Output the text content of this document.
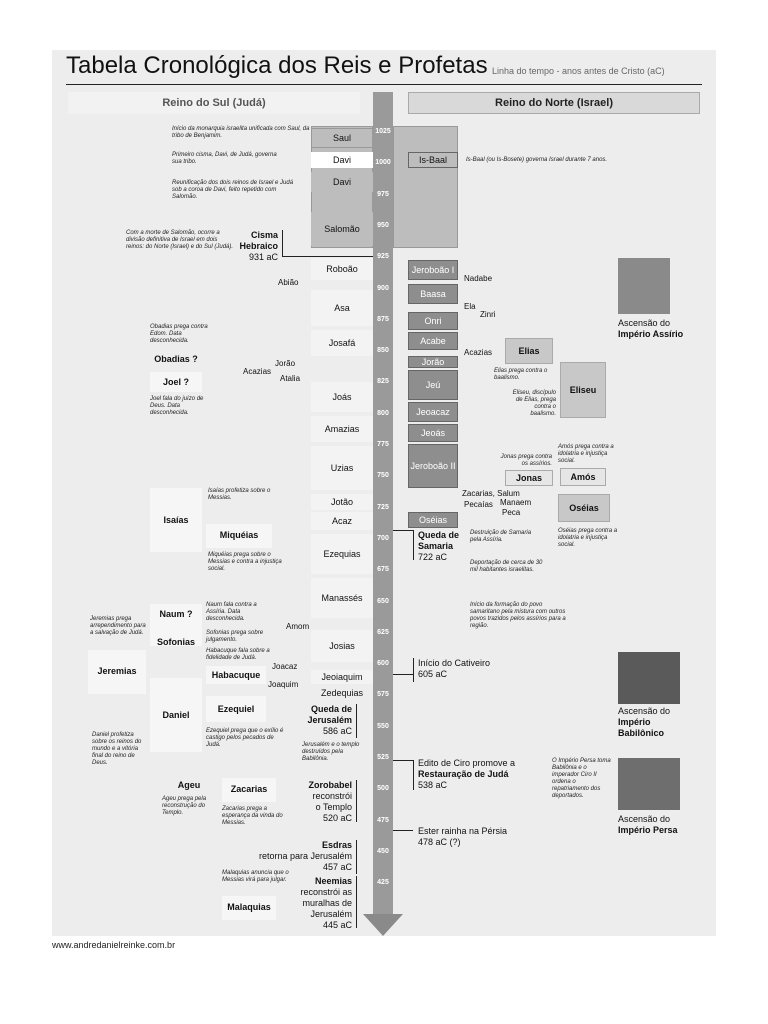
Tabela Cronológica dos Reis e Profetas Linha do tempo - anos antes de Cristo (aC)
Reino do Sul (Judá)	Reino do Norte (Israel)
1025
1000
975
950
925
900
875
850
825
800
775
750
725
700
675
650
625
600
575
550
525
500
475
450
425
Saul
Davi
Davi
Salomão
Is-Baal
Início da monarquia israelita unificada com Saul, da tribo de Benjamim.
Primeiro cisma, Davi, de Judá, governa sua tribo.
Reunificação dos dois reinos de Israel e Judá sob a coroa de Davi, feito repetido com Salomão.
Com a morte de Salomão, ocorre a divisão definitiva de Israel em dois reinos: do Norte (Israel) e do Sul (Judá).
Is-Baal (ou Is-Bosete) governa Israel durante 7 anos.
Cisma
Hebraico
931 aC
Roboão
Abião
Asa
Josafá
Jorão
Acazias
Atalia
Joás
Amazias
Uzias
Jotão
Acaz
Ezequias
Manassés
Amom
Josias
Joacaz
Jeoiaquim
Joaquim
Zedequias
Jeroboão I
Nadabe
Baasa
Ela
Zinri
Onri
Acabe
Acazias
Jorão
Jeú
Jeoacaz
Jeoás
Jeroboão II
Zacarias, Salum
Manaem
Pecaías
Peca
Oséias
Obadias prega contra Edom. Data desconhecida.
Obadias ?
Joel ?
Joel fala do juízo de Deus. Data desconhecida.
Isaías
Isaías profetiza sobre o Messias.
Miquéias
Miquéias prega sobre o Messias e contra a injustiça social.
Naum ?
Sofonias
Naum fala contra a Assíria. Data desconhecida.
Sofonias prega sobre julgamento.
Habacuque fala sobre a fidelidade de Judá.
Habacuque
Jeremias prega arrependimento para a salvação de Judá.
Jeremias
Daniel
Ezequiel
Ezequiel prega que o exílio é castigo pelos pecados de Judá.
Daniel profetiza sobre os reinos do mundo e a vitória final do reino de Deus.
Ageu
Ageu prega pela reconstrução do Templo.
Zacarias
Zacarias prega a esperança da vinda do Messias.
Malaquias anuncia que o Messias virá para julgar.
Malaquias
Elias
Elias prega contra o baalismo.
Eliseu
Eliseu, discípulo de Elias, prega contra o baalismo.
Jonas prega contra os assírios.
Jonas
Amós prega contra a idolatria e injustiça social.
Amós
Oséias
Oséias prega contra a idolatria e injustiça social.
Queda de
Samaria
722 aC
Destruição de Samaria pela Assíria.
Deportação de cerca de 30 mil habitantes israelitas.
Início da formação do povo samaritano pela mistura com outros povos trazidos pelos assírios para a região.
Início do Cativeiro
605 aC
Queda de
Jerusalém
586 aC
Jerusalém e o templo destruídos pela Babilônia.	Edito de Ciro promove a
Restauração de Judá
538 aC
Zorobabel
reconstrói
o Templo
520 aC
Ester rainha na Pérsia
478 aC (?)
Esdras
retorna para Jerusalém
457 aC
Neemias
reconstrói as
muralhas de
Jerusalém
445 aC
Ascensão do
Império Assírio
Ascensão do
Império
Babilônico
O Império Persa toma Babilônia e o imperador Ciro II ordena o repatriamento dos deportados.
Ascensão do
Império Persa
www.andredanielreinke.com.br
